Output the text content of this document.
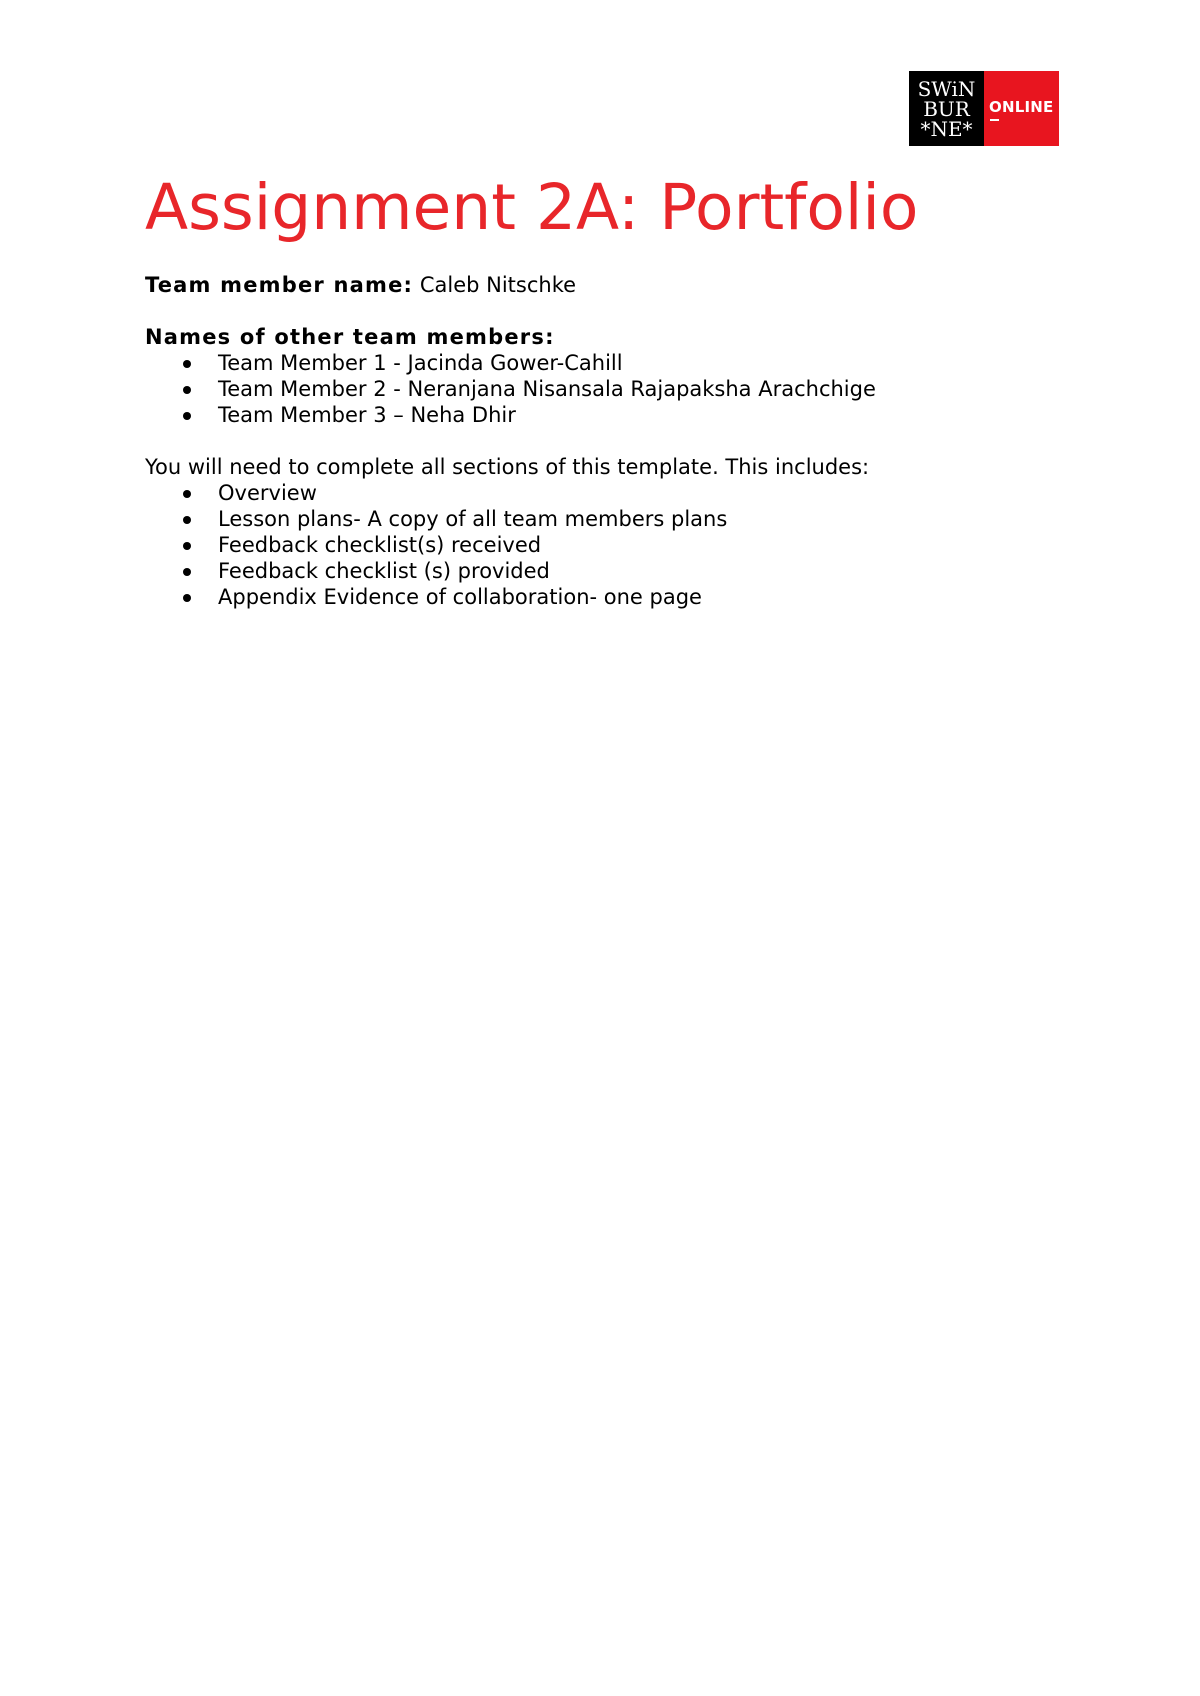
SWiN
BUR
*NE*
ONLINE
Assignment 2A: Portfolio

Team member name: Caleb Nitschke

Names of other team members:

Team Member 1 - Jacinda Gower-Cahill
Team Member 2 - Neranjana Nisansala Rajapaksha Arachchige
Team Member 3 – Neha Dhir

You will need to complete all sections of this template. This includes:

Overview
Lesson plans- A copy of all team members plans
Feedback checklist(s) received
Feedback checklist (s) provided
Appendix Evidence of collaboration- one page
